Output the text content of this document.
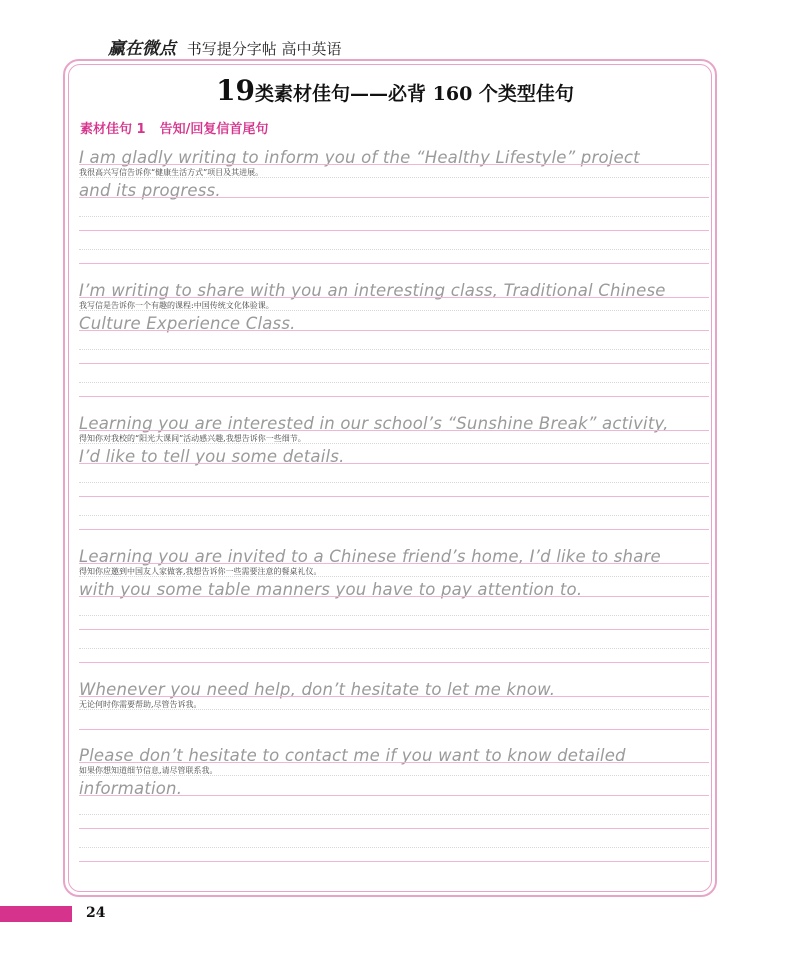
赢在微点 书写提分字帖 高中英语
19类素材佳句——必背 160 个类型佳句
素材佳句 1 告知/回复信首尾句
I am gladly writing to inform you of the “Healthy Lifestyle” project
我很高兴写信告诉你“健康生活方式”项目及其进展。
and its progress.
I’m writing to share with you an interesting class, Traditional Chinese
我写信是告诉你一个有趣的课程:中国传统文化体验课。
Culture Experience Class.
Learning you are interested in our school’s “Sunshine Break” activity,
得知你对我校的“阳光大课间”活动感兴趣,我想告诉你一些细节。
I’d like to tell you some details.
Learning you are invited to a Chinese friend’s home, I’d like to share
得知你应邀到中国友人家做客,我想告诉你一些需要注意的餐桌礼仪。
with you some table manners you have to pay attention to.
Whenever you need help, don’t hesitate to let me know.
无论何时你需要帮助,尽管告诉我。
Please don’t hesitate to contact me if you want to know detailed
如果你想知道细节信息,请尽管联系我。
information.
24
